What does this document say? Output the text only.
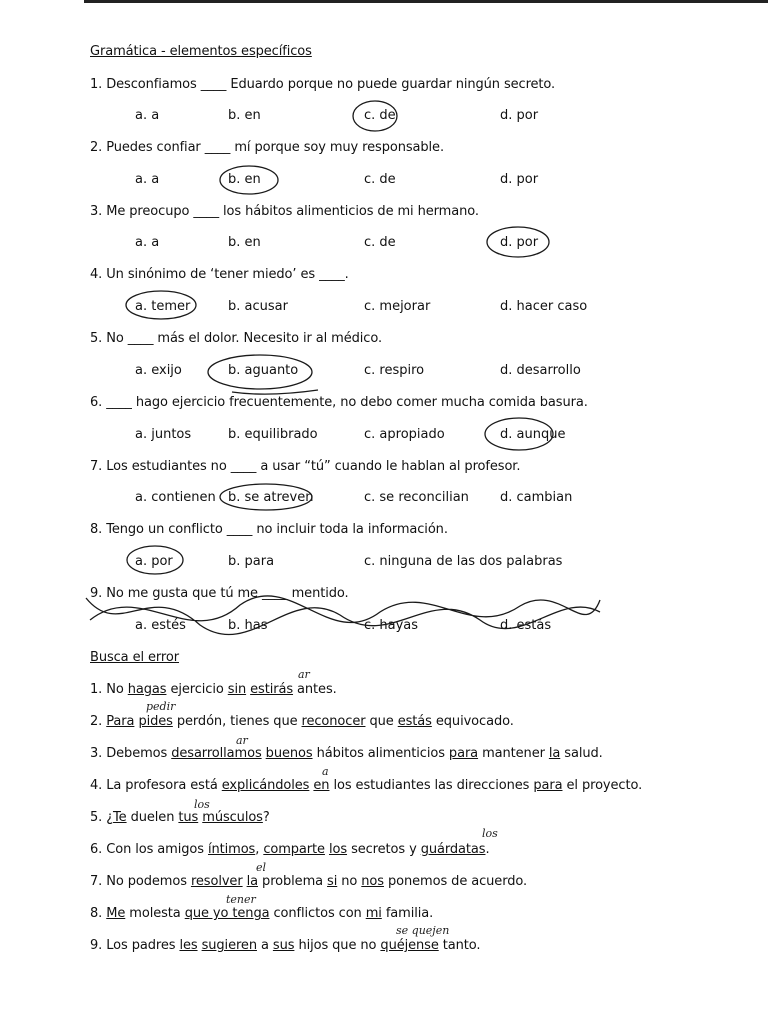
Gramática - elementos específicos
1. Desconfiamos ____ Eduardo porque no puede guardar ningún secreto.
a. a	b. en	c. de	d. por
2. Puedes confiar ____ mí porque soy muy responsable.
a. a	b. en	c. de	d. por
3. Me preocupo ____ los hábitos alimenticios de mi hermano.
a. a	b. en	c. de	d. por
4. Un sinónimo de ‘tener miedo’ es ____.
a. temer	b. acusar	c. mejorar	d. hacer caso
5. No ____ más el dolor. Necesito ir al médico.
a. exijo	b. aguanto	c. respiro	d. desarrollo
6. ____ hago ejercicio frecuentemente, no debo comer mucha comida basura.
a. juntos	b. equilibrado	c. apropiado	d. aunque
7. Los estudiantes no ____ a usar “tú” cuando le hablan al profesor.
a. contienen b. se atreven	c. se reconcilian d. cambian
8. Tengo un conflicto ____ no incluir toda la información.
a. por	b. para	c. ninguna de las dos palabras
9. No me gusta que tú me ____ mentido.
a. estés	b. has	c. hayas	d. estás
Busca el error
1. No hagas ejercicio sin estirás antes.
2. Para pides perdón, tienes que reconocer que estás equivocado.
3. Debemos desarrollamos buenos hábitos alimenticios para mantener la salud.
4. La profesora está explicándoles en los estudiantes las direcciones para el proyecto.
5. ¿Te duelen tus músculos?
6. Con los amigos íntimos, comparte los secretos y guárdatas.
7. No podemos resolver la problema si no nos ponemos de acuerdo.
8. Me molesta que yo tenga conflictos con mi familia.
9. Los padres les sugieren a sus hijos que no quéjense tanto.
ar
pedir
ar
a
los
los
el
tener
se quejen
